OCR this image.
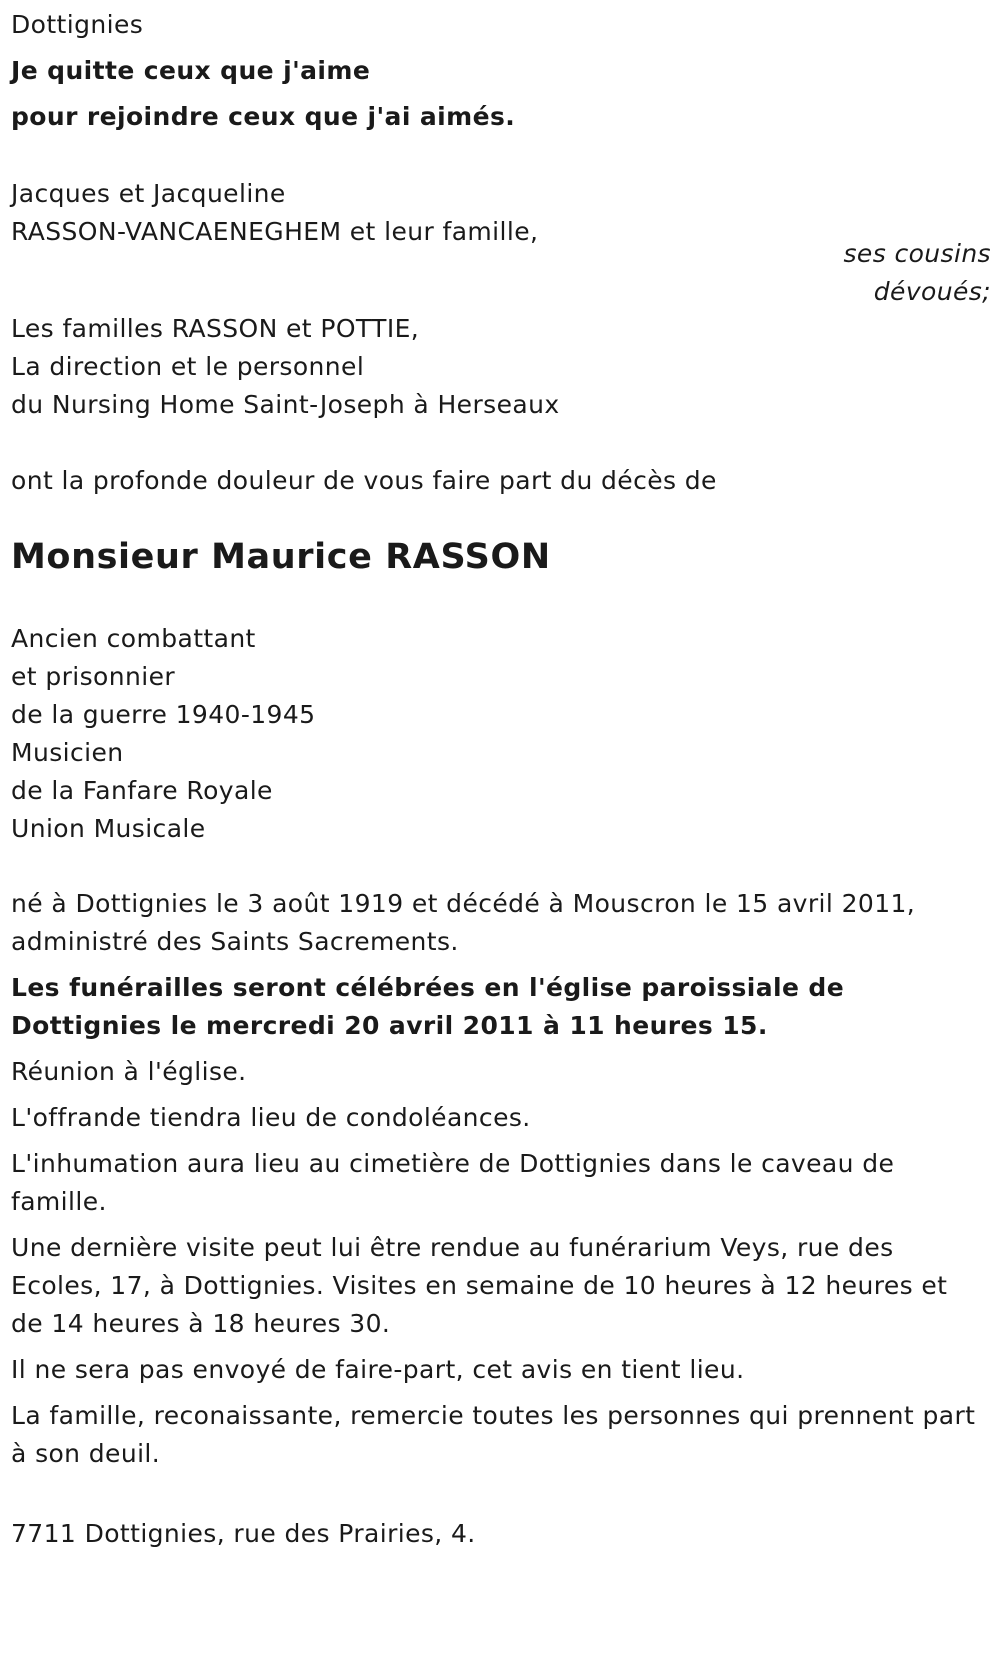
Dottignies
Je quitte ceux que j'aime
pour rejoindre ceux que j'ai aimés.
Jacques et Jacqueline
RASSON-VANCAENEGHEM et leur famille,
ses cousins
dévoués;
Les familles RASSON et POTTIE,
La direction et le personnel
du Nursing Home Saint-Joseph à Herseaux
ont la profonde douleur de vous faire part du décès de
Monsieur Maurice RASSON
Ancien combattant
et prisonnier
de la guerre 1940-1945
Musicien
de la Fanfare Royale
Union Musicale
né à Dottignies le 3 août 1919 et décédé à Mouscron le 15 avril 2011,
administré des Saints Sacrements.
Les funérailles seront célébrées en l'église paroissiale de Dottignies le mercredi 20 avril 2011 à 11 heures 15.
Réunion à l'église.
L'offrande tiendra lieu de condoléances.
L'inhumation aura lieu au cimetière de Dottignies dans le caveau de famille.
Une dernière visite peut lui être rendue au funérarium Veys, rue des Ecoles, 17, à Dottignies. Visites en semaine de 10 heures à 12 heures et de 14 heures à 18 heures 30.
Il ne sera pas envoyé de faire-part, cet avis en tient lieu.
La famille, reconaissante, remercie toutes les personnes qui prennent part à son deuil.
7711 Dottignies, rue des Prairies, 4.
